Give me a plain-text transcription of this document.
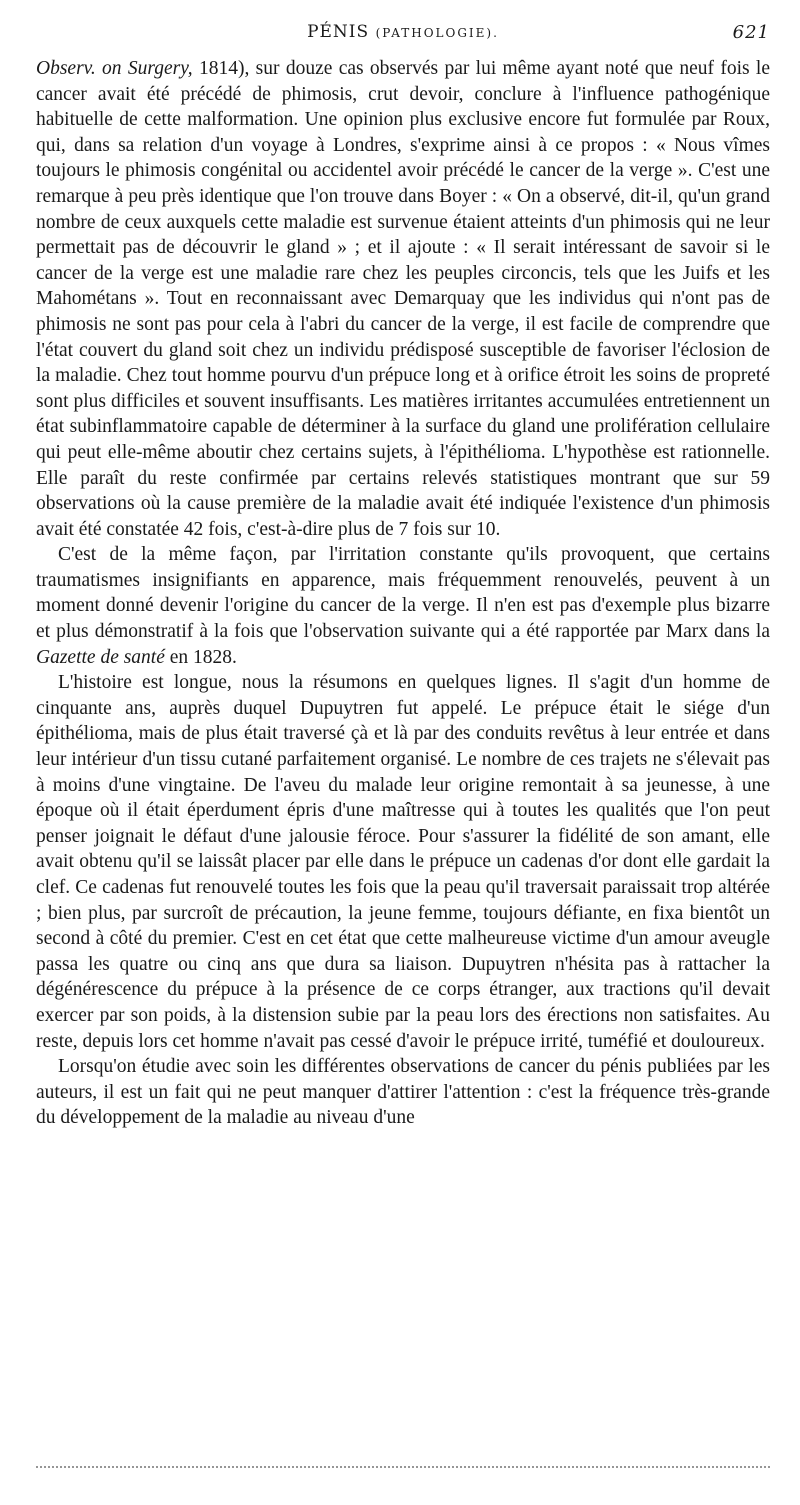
PÉNIS (PATHOLOGIE).	621

Observ. on Surgery, 1814), sur douze cas observés par lui même ayant noté que neuf fois le cancer avait été précédé de phimosis, crut devoir, conclure à l'influence pathogénique habituelle de cette malformation. Une opinion plus exclusive encore fut formulée par Roux, qui, dans sa relation d'un voyage à Londres, s'exprime ainsi à ce propos : « Nous vîmes toujours le phimosis congénital ou accidentel avoir précédé le cancer de la verge ». C'est une remarque à peu près identique que l'on trouve dans Boyer : « On a observé, dit-il, qu'un grand nombre de ceux auxquels cette maladie est survenue étaient atteints d'un phimosis qui ne leur permettait pas de découvrir le gland » ; et il ajoute : « Il serait intéressant de savoir si le cancer de la verge est une maladie rare chez les peuples circoncis, tels que les Juifs et les Mahométans ». Tout en reconnaissant avec Demarquay que les individus qui n'ont pas de phimosis ne sont pas pour cela à l'abri du cancer de la verge, il est facile de comprendre que l'état couvert du gland soit chez un individu prédisposé susceptible de favoriser l'éclosion de la maladie. Chez tout homme pourvu d'un prépuce long et à orifice étroit les soins de propreté sont plus difficiles et souvent insuffisants. Les matières irritantes accumulées entretiennent un état subinflammatoire capable de déterminer à la surface du gland une prolifération cellulaire qui peut elle-même aboutir chez certains sujets, à l'épithélioma. L'hypothèse est rationnelle. Elle paraît du reste confirmée par certains relevés statistiques montrant que sur 59 observations où la cause première de la maladie avait été indiquée l'existence d'un phimosis avait été constatée 42 fois, c'est-à-dire plus de 7 fois sur 10.

C'est de la même façon, par l'irritation constante qu'ils provoquent, que certains traumatismes insignifiants en apparence, mais fréquemment renouvelés, peuvent à un moment donné devenir l'origine du cancer de la verge. Il n'en est pas d'exemple plus bizarre et plus démonstratif à la fois que l'observation suivante qui a été rapportée par Marx dans la Gazette de santé en 1828.

L'histoire est longue, nous la résumons en quelques lignes. Il s'agit d'un homme de cinquante ans, auprès duquel Dupuytren fut appelé. Le prépuce était le siége d'un épithélioma, mais de plus était traversé çà et là par des conduits revêtus à leur entrée et dans leur intérieur d'un tissu cutané parfaitement organisé. Le nombre de ces trajets ne s'élevait pas à moins d'une vingtaine. De l'aveu du malade leur origine remontait à sa jeunesse, à une époque où il était éperdument épris d'une maîtresse qui à toutes les qualités que l'on peut penser joignait le défaut d'une jalousie féroce. Pour s'assurer la fidélité de son amant, elle avait obtenu qu'il se laissât placer par elle dans le prépuce un cadenas d'or dont elle gardait la clef. Ce cadenas fut renouvelé toutes les fois que la peau qu'il traversait paraissait trop altérée ; bien plus, par surcroît de précaution, la jeune femme, toujours défiante, en fixa bientôt un second à côté du premier. C'est en cet état que cette malheureuse victime d'un amour aveugle passa les quatre ou cinq ans que dura sa liaison. Dupuytren n'hésita pas à rattacher la dégénérescence du prépuce à la présence de ce corps étranger, aux tractions qu'il devait exercer par son poids, à la distension subie par la peau lors des érections non satisfaites. Au reste, depuis lors cet homme n'avait pas cessé d'avoir le prépuce irrité, tuméfié et douloureux.

Lorsqu'on étudie avec soin les différentes observations de cancer du pénis publiées par les auteurs, il est un fait qui ne peut manquer d'attirer l'attention : c'est la fréquence très-grande du développement de la maladie au niveau d'une
